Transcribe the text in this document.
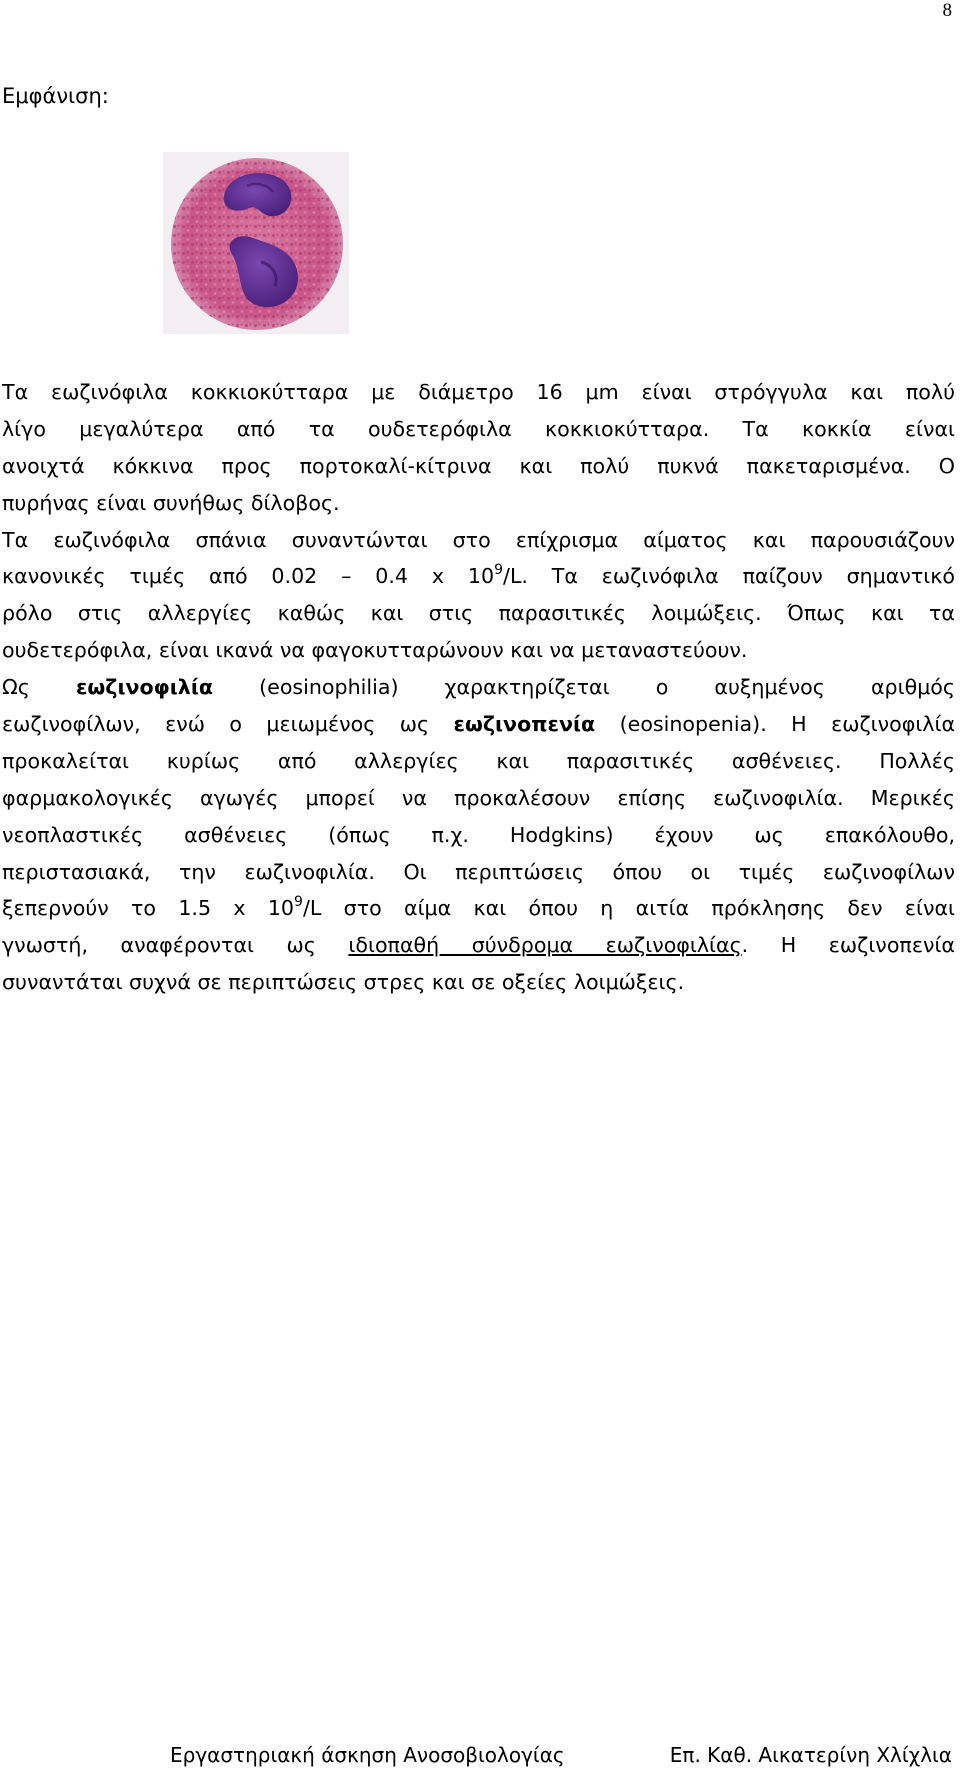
8
Εμφάνιση:
Τα εωζινόφιλα κοκκιοκύτταρα με διάμετρο 16 μm είναι στρόγγυλα και πολύ
λίγο μεγαλύτερα από τα ουδετερόφιλα κοκκιοκύτταρα. Τα κοκκία είναι
ανοιχτά κόκκινα προς πορτοκαλί-κίτρινα και πολύ πυκνά πακεταρισμένα. Ο
πυρήνας είναι συνήθως δίλοβος.
Τα εωζινόφιλα σπάνια συναντώνται στο επίχρισμα αίματος και παρουσιάζουν
κανονικές τιμές από 0.02 – 0.4 x $10^9/L$. Τα εωζινόφιλα παίζουν σημαντικό
ρόλο στις αλλεργίες καθώς και στις παρασιτικές λοιμώξεις. Όπως και τα
ουδετερόφιλα, είναι ικανά να φαγοκυτταρώνουν και να μεταναστεύουν.
Ως εωζινοφιλία (eosinophilia) χαρακτηρίζεται ο αυξημένος αριθμός
εωζινοφίλων, ενώ ο μειωμένος ως εωζινοπενία (eosinopenia). Η εωζινοφιλία
προκαλείται κυρίως από αλλεργίες και παρασιτικές ασθένειες. Πολλές
φαρμακολογικές αγωγές μπορεί να προκαλέσουν επίσης εωζινοφιλία. Μερικές
νεοπλαστικές ασθένειες (όπως π.χ. Hodgkins) έχουν ως επακόλουθο,
περιστασιακά, την εωζινοφιλία. Οι περιπτώσεις όπου οι τιμές εωζινοφίλων
ξεπερνούν το 1.5 x $10^9/L$ στο αίμα και όπου η αιτία πρόκλησης δεν είναι
γνωστή, αναφέρονται ως ιδιοπαθή σύνδρομα εωζινοφιλίας. Η εωζινοπενία
συναντάται συχνά σε περιπτώσεις στρες και σε οξείες λοιμώξεις.
Εργαστηριακή άσκηση Ανοσοβιολογίας	Επ. Καθ. Αικατερίνη Χλίχλια
